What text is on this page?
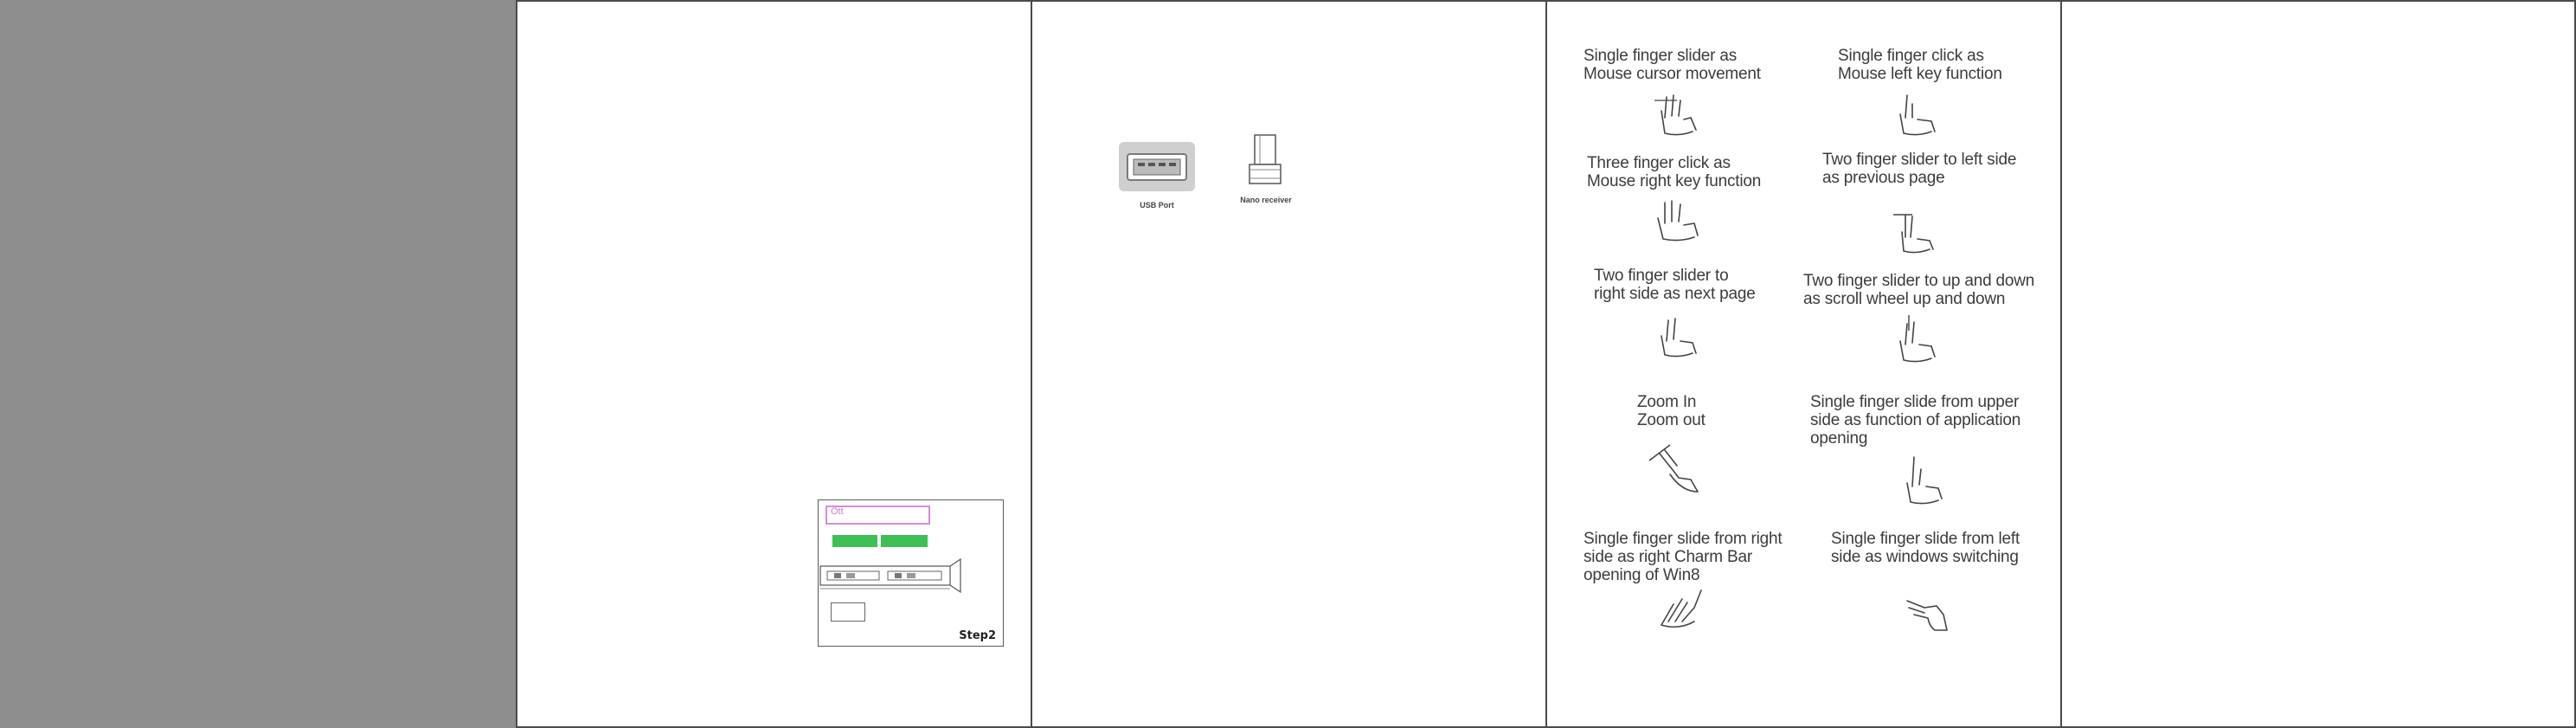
Ott
Step2
USB Port
Nano receiver
Single finger slider as
Mouse cursor movement
Single finger click as
Mouse left key function
Three finger click as
Mouse right key function
Two finger slider to left side
as previous page
Two finger slider to
right side as next page
Two finger slider to up and down
as scroll wheel up and down
Zoom In
Zoom out
Single finger slide from upper
side as function of application
opening
Single finger slide from right
side as right Charm Bar
opening of Win8
Single finger slide from left
side as windows switching
